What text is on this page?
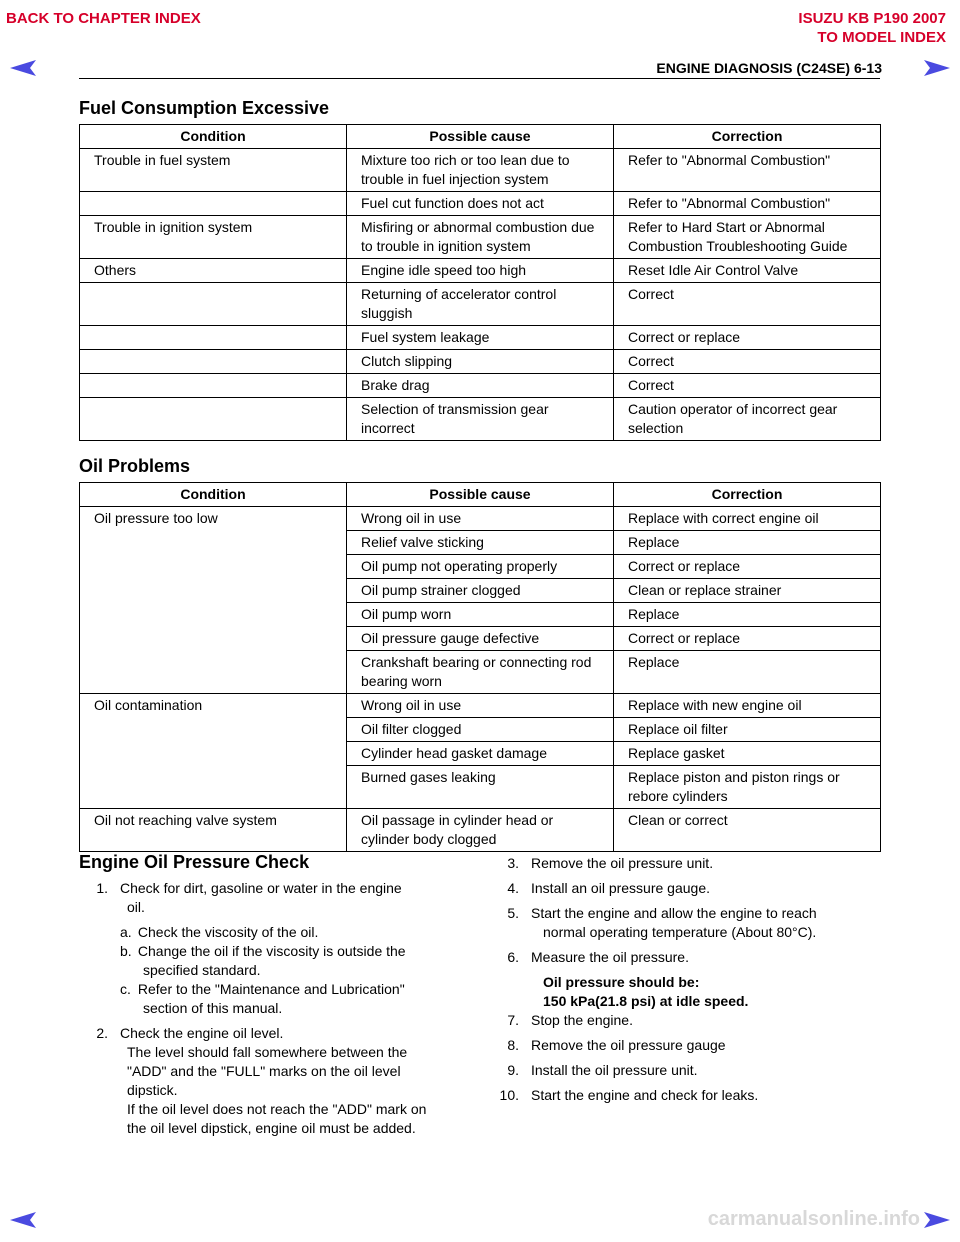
BACK TO CHAPTER INDEX	ISUZU KB P190 2007
TO MODEL INDEX
ENGINE DIAGNOSIS (C24SE) 6-13
Fuel Consumption Excessive
Condition	Possible cause	Correction
Trouble in fuel system	Mixture too rich or too lean due to trouble in fuel injection system	Refer to "Abnormal Combustion"
	Fuel cut function does not act	Refer to "Abnormal Combustion"
Trouble in ignition system	Misfiring or abnormal combustion due to trouble in ignition system	Refer to Hard Start or Abnormal Combustion Troubleshooting Guide
Others	Engine idle speed too high	Reset Idle Air Control Valve
	Returning of accelerator control sluggish	Correct
	Fuel system leakage	Correct or replace
	Clutch slipping	Correct
	Brake drag	Correct
	Selection of transmission gear incorrect	Caution operator of incorrect gear selection
Oil Problems
Condition	Possible cause	Correction
Oil pressure too low	Wrong oil in use	Replace with correct engine oil
	Relief valve sticking	Replace
	Oil pump not operating properly	Correct or replace
	Oil pump strainer clogged	Clean or replace strainer
	Oil pump worn	Replace
	Oil pressure gauge defective	Correct or replace
	Crankshaft bearing or connecting rod bearing worn	Replace
Oil contamination	Wrong oil in use	Replace with new engine oil
	Oil filter clogged	Replace oil filter
	Cylinder head gasket damage	Replace gasket
	Burned gases leaking	Replace piston and piston rings or rebore cylinders
Oil not reaching valve system	Oil passage in cylinder head or cylinder body clogged	Clean or correct
Engine Oil Pressure Check
1. Check for dirt, gasoline or water in the engine
oil.
a. Check the viscosity of the oil.
b. Change the oil if the viscosity is outside the
specified standard.
c. Refer to the "Maintenance and Lubrication"
section of this manual.
2. Check the engine oil level.
The level should fall somewhere between the
"ADD" and the "FULL" marks on the oil level
dipstick.
If the oil level does not reach the "ADD" mark on
the oil level dipstick, engine oil must be added.
3. Remove the oil pressure unit.
4. Install an oil pressure gauge.
5. Start the engine and allow the engine to reach
normal operating temperature (About 80°C).
6. Measure the oil pressure.
Oil pressure should be:
150 kPa(21.8 psi) at idle speed.
7. Stop the engine.
8. Remove the oil pressure gauge
9. Install the oil pressure unit.
10. Start the engine and check for leaks.
carmanualsonline.info
